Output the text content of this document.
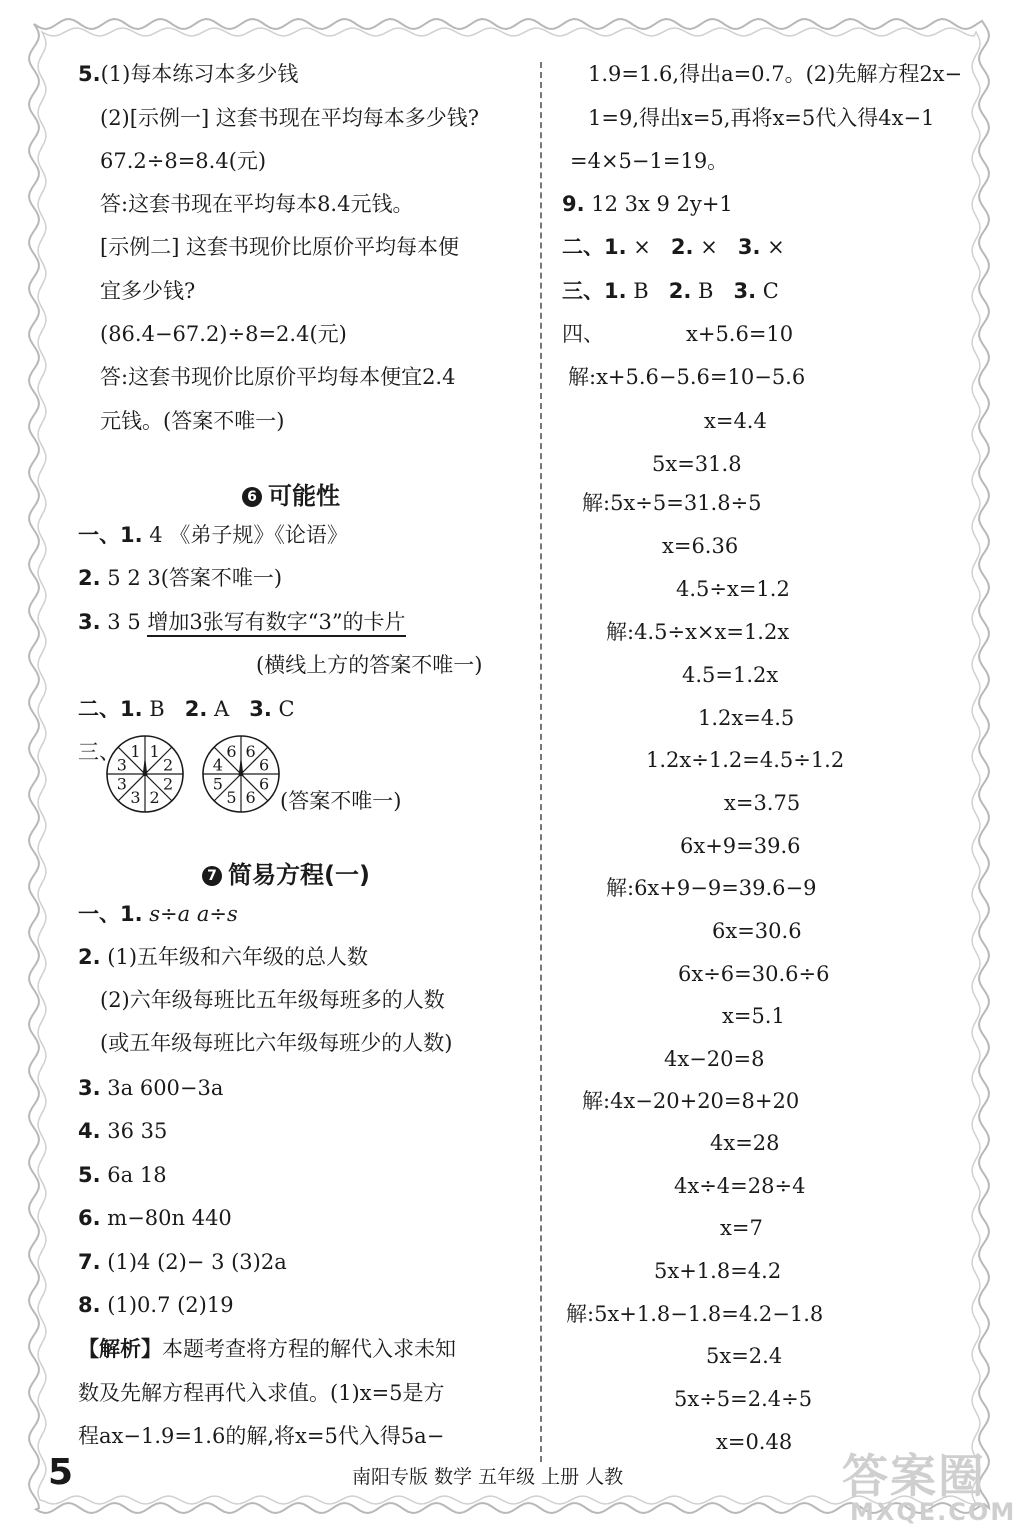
5.(1)每本练习本多少钱
(2)[示例一] 这套书现在平均每本多少钱?
67.2÷8=8.4(元)
答:这套书现在平均每本8.4元钱。
[示例二] 这套书现价比原价平均每本便
宜多少钱?
(86.4−67.2)÷8=2.4(元)
答:这套书现价比原价平均每本便宜2.4
元钱。(答案不唯一)
6 可能性
一、1. 4 《弟子规》《论语》
2. 5 2 3(答案不唯一)
3. 3 5 增加3张写有数字“3”的卡片
(横线上方的答案不唯一)
二、1. B 2. A 3. C
三、 1
2
2
2
3
3
3
1	6
6
6
6
5
5
4
6
(答案不唯一)
7 简易方程(一)
一、1. s÷a a÷s
2. (1)五年级和六年级的总人数
(2)六年级每班比五年级每班多的人数
(或五年级每班比六年级每班少的人数)
3. 3a 600−3a
4. 36 35
5. 6a 18
6. m−80n 440
7. (1)4 (2)− 3 (3)2a
8. (1)0.7 (2)19
【解析】本题考查将方程的解代入求未知
数及先解方程再代入求值。(1)x=5是方
程ax−1.9=1.6的解,将x=5代入得5a−
1.9=1.6,得出a=0.7。(2)先解方程2x−
1=9,得出x=5,再将x=5代入得4x−1
=4×5−1=19。
9. 12 3x 9 2y+1
二、1. × 2. × 3. ×
三、1. B 2. B 3. C
四、	x+5.6=10
解:x+5.6−5.6=10−5.6
x=4.4
5x=31.8
解:5x÷5=31.8÷5
x=6.36
4.5÷x=1.2
解:4.5÷x×x=1.2x
4.5=1.2x
1.2x=4.5
1.2x÷1.2=4.5÷1.2
x=3.75
6x+9=39.6
解:6x+9−9=39.6−9
6x=30.6
6x÷6=30.6÷6
x=5.1
4x−20=8
解:4x−20+20=8+20
4x=28
4x÷4=28÷4
x=7
5x+1.8=4.2
解:5x+1.8−1.8=4.2−1.8
5x=2.4
5x÷5=2.4÷5
x=0.48
5	南阳专版 数学 五年级 上册 人教	答案圈
MXQE.COM
